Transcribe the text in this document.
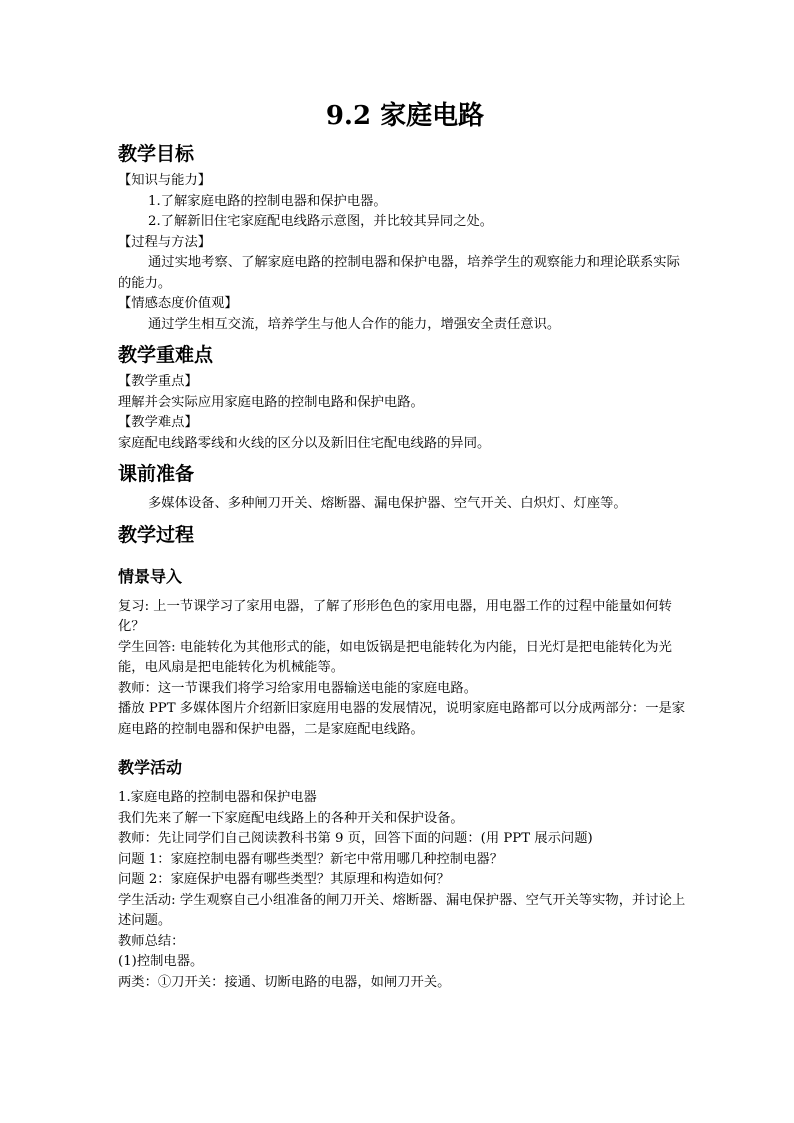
9.2 家庭电路
教学目标
【知识与能力】
1.了解家庭电路的控制电器和保护电器。
2.了解新旧住宅家庭配电线路示意图，并比较其异同之处。
【过程与方法】
通过实地考察、了解家庭电路的控制电器和保护电器，培养学生的观察能力和理论联系实际的能力。
【情感态度价值观】
通过学生相互交流，培养学生与他人合作的能力，增强安全责任意识。
教学重难点
【教学重点】
理解并会实际应用家庭电路的控制电路和保护电路。
【教学难点】
家庭配电线路零线和火线的区分以及新旧住宅配电线路的异同。
课前准备
多媒体设备、多种闸刀开关、熔断器、漏电保护器、空气开关、白炽灯、灯座等。
教学过程
情景导入
复习: 上一节课学习了家用电器，了解了形形色色的家用电器，用电器工作的过程中能量如何转化？
学生回答: 电能转化为其他形式的能，如电饭锅是把电能转化为内能，日光灯是把电能转化为光能，电风扇是把电能转化为机械能等。
教师：这一节课我们将学习给家用电器输送电能的家庭电路。
播放 PPT 多媒体图片介绍新旧家庭用电器的发展情况，说明家庭电路都可以分成两部分：一是家庭电路的控制电器和保护电器，二是家庭配电线路。
教学活动
1.家庭电路的控制电器和保护电器
我们先来了解一下家庭配电线路上的各种开关和保护设备。
教师：先让同学们自己阅读教科书第 9 页，回答下面的问题：(用 PPT 展示问题)
问题 1：家庭控制电器有哪些类型？新宅中常用哪几种控制电器？
问题 2：家庭保护电器有哪些类型？其原理和构造如何？
学生活动: 学生观察自己小组准备的闸刀开关、熔断器、漏电保护器、空气开关等实物，并讨论上述问题。
教师总结：
(1)控制电器。
两类：①刀开关：接通、切断电路的电器，如闸刀开关。
